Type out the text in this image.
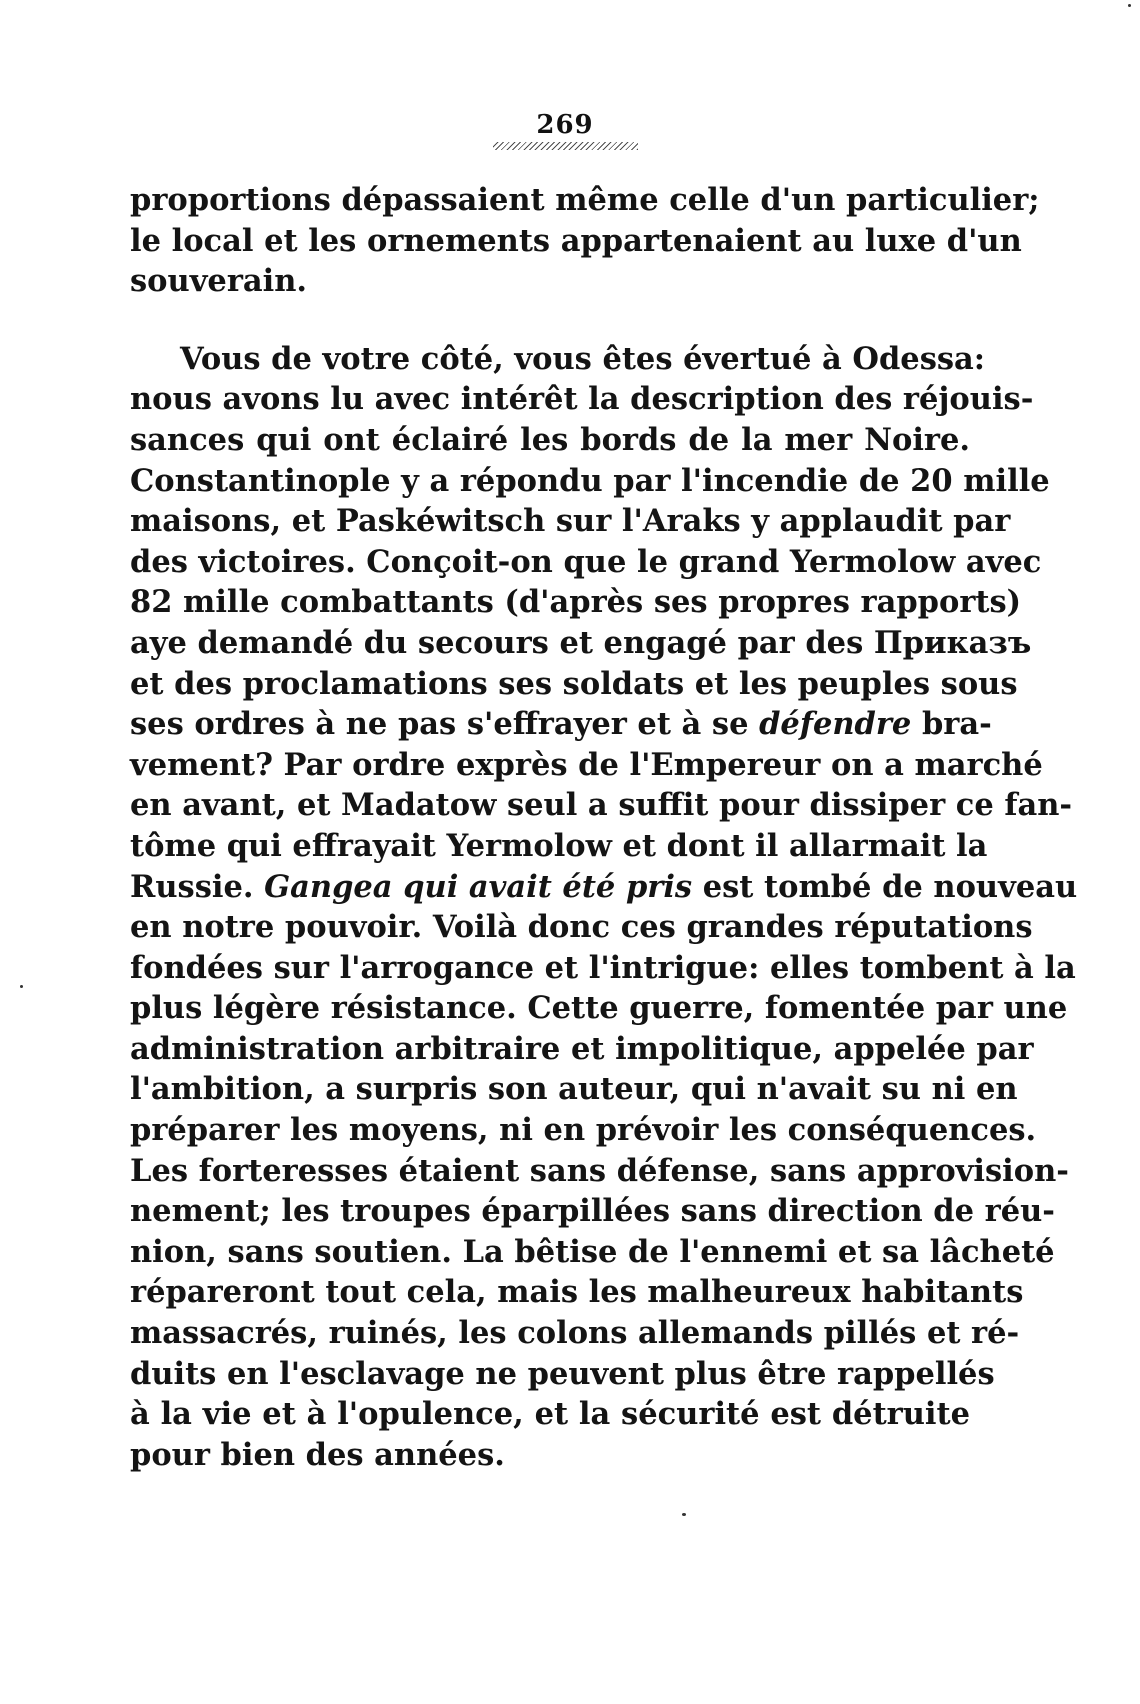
269
proportions dépassaient même celle d'un particulier;
le local et les ornements appartenaient au luxe d'un
souverain.
Vous de votre côté, vous êtes évertué à Odessa:
nous avons lu avec intérêt la description des réjouis-
sances qui ont éclairé les bords de la mer Noire.
Constantinople y a répondu par l'incendie de 20 mille
maisons, et Paskéwitsch sur l'Araks y applaudit par
des victoires. Conçoit-on que le grand Yermolow avec
82 mille combattants (d'après ses propres rapports)
aye demandé du secours et engagé par des Приказъ
et des proclamations ses soldats et les peuples sous
ses ordres à ne pas s'effrayer et à se défendre bra-
vement? Par ordre exprès de l'Empereur on a marché
en avant, et Madatow seul a suffit pour dissiper ce fan-
tôme qui effrayait Yermolow et dont il allarmait la
Russie. Gangea qui avait été pris est tombé de nouveau
en notre pouvoir. Voilà donc ces grandes réputations
fondées sur l'arrogance et l'intrigue: elles tombent à la
plus légère résistance. Cette guerre, fomentée par une
administration arbitraire et impolitique, appelée par
l'ambition, a surpris son auteur, qui n'avait su ni en
préparer les moyens, ni en prévoir les conséquences.
Les forteresses étaient sans défense, sans approvision-
nement; les troupes éparpillées sans direction de réu-
nion, sans soutien. La bêtise de l'ennemi et sa lâcheté
répareront tout cela, mais les malheureux habitants
massacrés, ruinés, les colons allemands pillés et ré-
duits en l'esclavage ne peuvent plus être rappellés
à la vie et à l'opulence, et la sécurité est détruite
pour bien des années.
